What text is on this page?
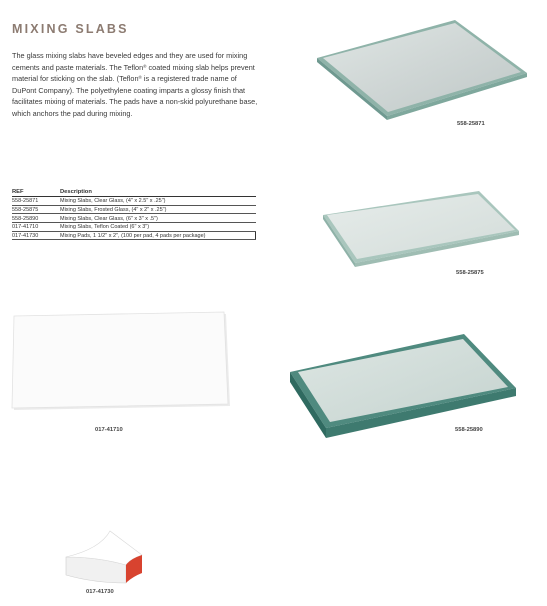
MIXING SLABS

The glass mixing slabs have beveled edges and they are used for mixing cements and paste materials. The Teflon® coated mixing slab helps prevent material for sticking on the slab. (Teflon® is a registered trade name of DuPont Company). The polyethylene coating imparts a glossy finish that facilitates mixing of materials. The pads have a non-skid polyurethane base, which anchors the pad during mixing.

REF	Description
558-25871	Mixing Slabs, Clear Glass, (4" x 2.5" x .25")
558-25875	Mixing Slabs, Frosted Glass, (4" x 2" x .25")
558-25890	Mixing Slabs, Clear Glass, (6" x 3" x .5")
017-41710	Mixing Slabs, Teflon Coated (6" x 3")
017-41730	Mixing Pads, 1 1/2" x 2", (100 per pad, 4 pads per package)
558-25871
558-25875
017-41710	558-25890
017-41730
